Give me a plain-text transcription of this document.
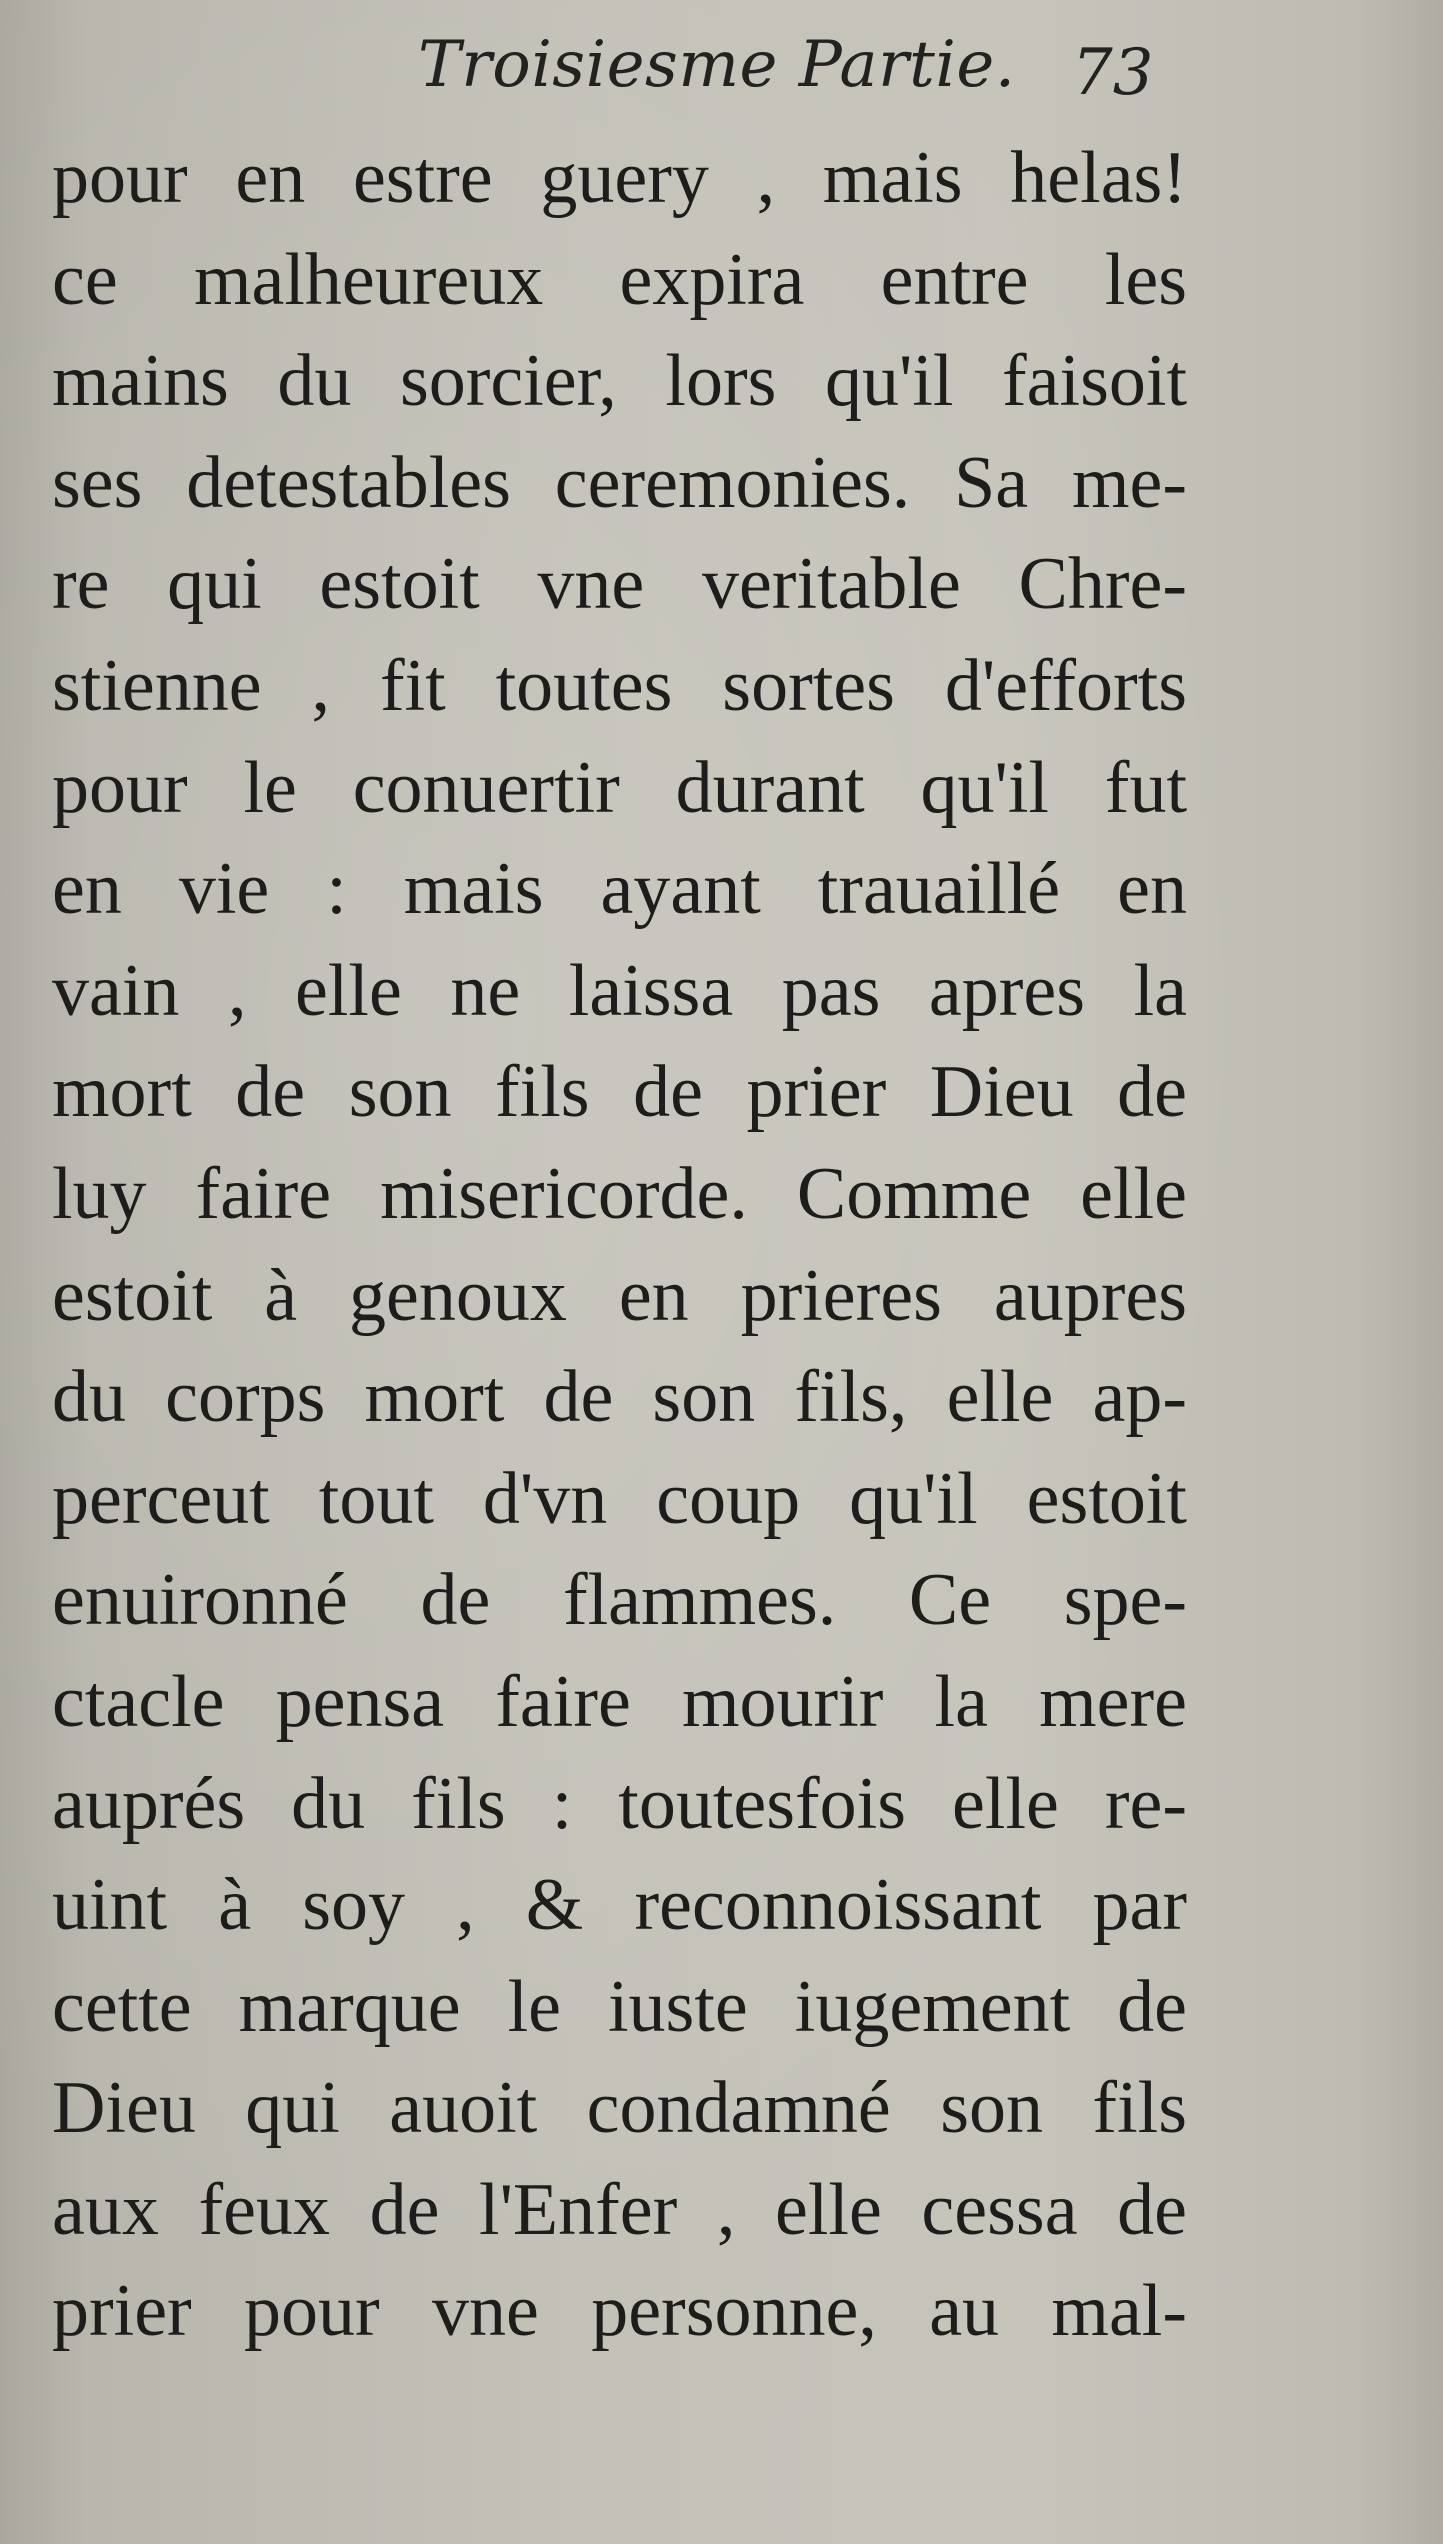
Troisiesme Partie. 73
pour en estre guery , mais helas!
ce malheureux expira entre les
mains du sorcier, lors qu'il faisoit
ses detestables ceremonies. Sa me-
re qui estoit vne veritable Chre-
stienne , fit toutes sortes d'efforts
pour le conuertir durant qu'il fut
en vie : mais ayant trauaillé en
vain , elle ne laissa pas apres la
mort de son fils de prier Dieu de
luy faire misericorde. Comme elle
estoit à genoux en prieres aupres
du corps mort de son fils, elle ap-
perceut tout d'vn coup qu'il estoit
enuironné de flammes. Ce spe-
ctacle pensa faire mourir la mere
auprés du fils : toutesfois elle re-
uint à soy , & reconnoissant par
cette marque le iuste iugement de
Dieu qui auoit condamné son fils
aux feux de l'Enfer , elle cessa de
prier pour vne personne, au mal-
